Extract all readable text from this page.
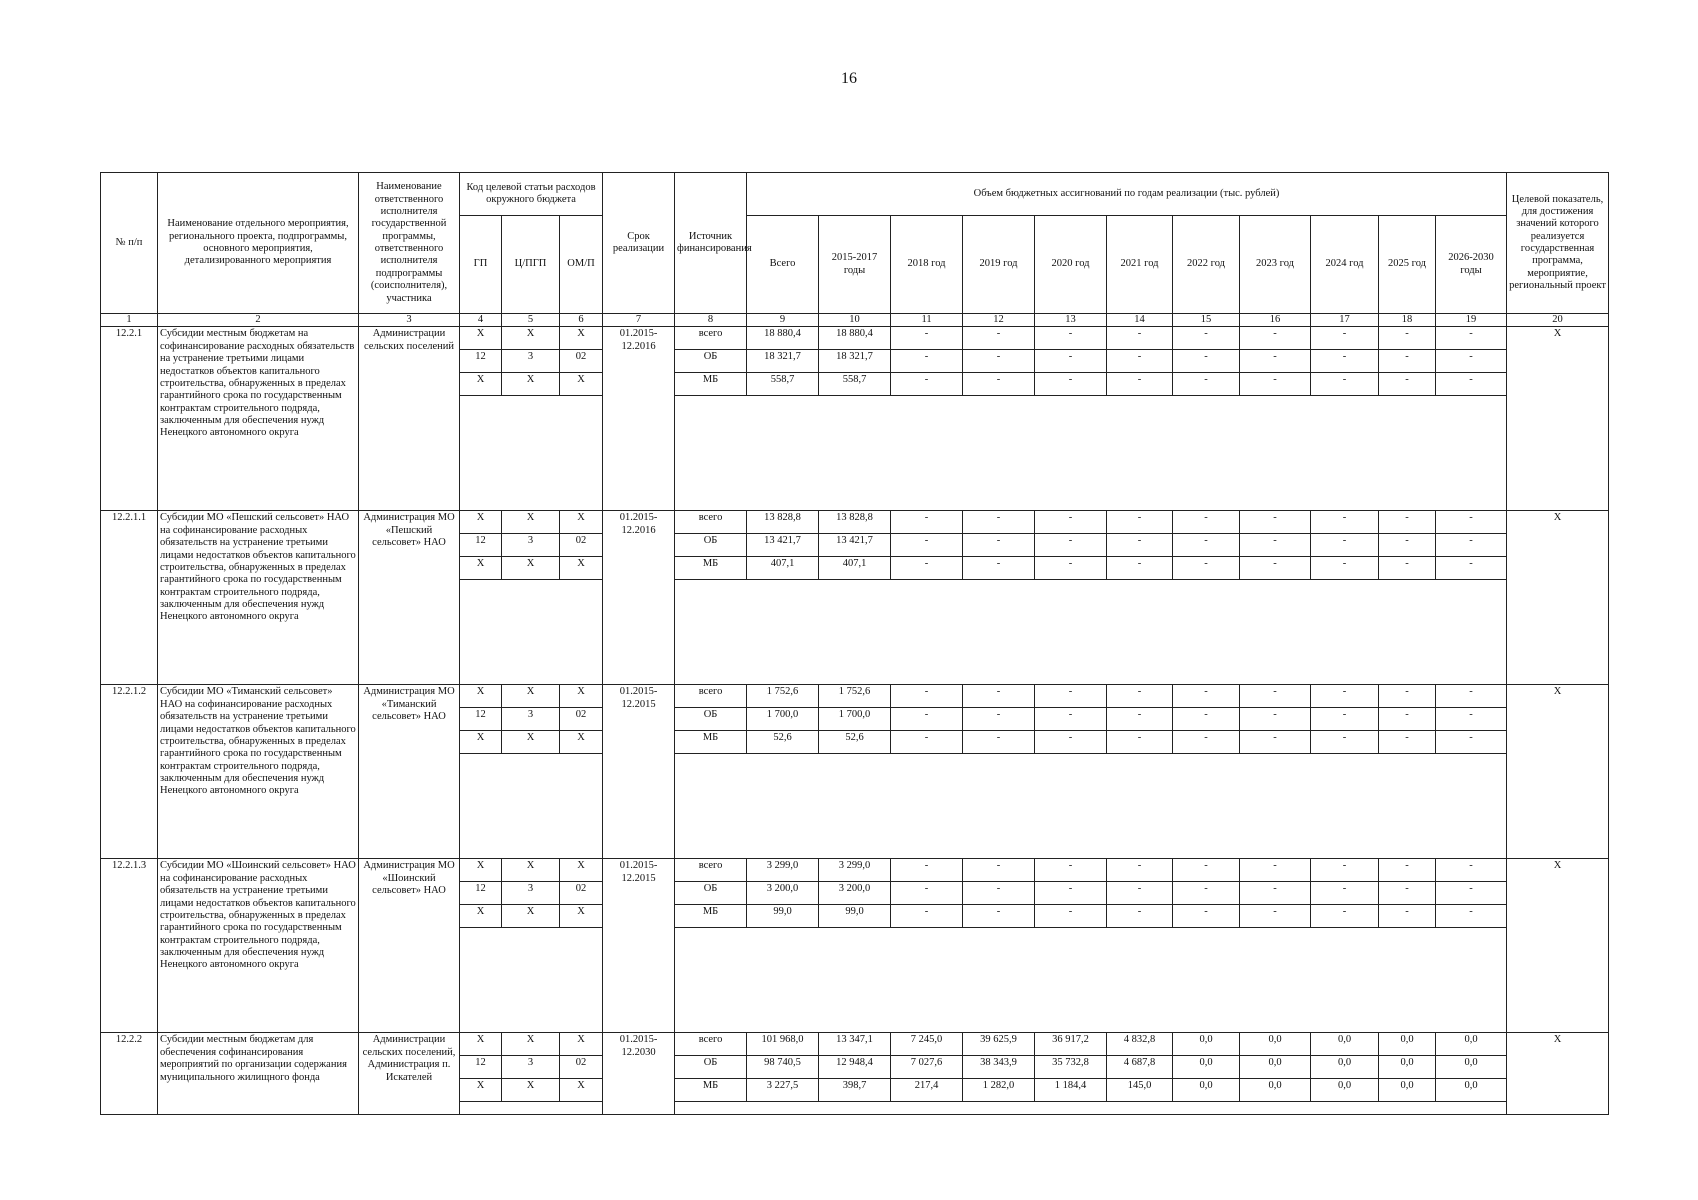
16
№ п/п	Наименование отдельного мероприятия, регионального проекта, подпрограммы, основного мероприятия, детализированного мероприятия	Наименование ответственного исполнителя государственной программы, ответственного исполнителя подпрограммы (соисполнителя), участника	Код целевой статьи расходов окружного бюджета			Срок реализации	Источник финансирования	Объем бюджетных ассигнований по годам реализации (тыс. рублей)											Целевой показатель, для достижения значений которого реализуется государственная программа, мероприятие, региональный проект
			ГП	Ц/ПГП	ОМ/П			Всего	2015-2017 годы	2018 год	2019 год	2020 год	2021 год	2022 год	2023 год	2024 год	2025 год	2026-2030 годы	
1	2	3	4	5	6	7	8	9	10	11	12	13	14	15	16	17	18	19	20
12.2.1	Субсидии местным бюджетам на софинансирование расходных обязательств на устранение третьими лицами недостатков объектов капитального строительства, обнаруженных в пределах гарантийного срока по государственным контрактам строительного подряда, заключенным для обеспечения нужд Ненецкого автономного округа	Администрации сельских поселений	X	X	X	01.2015-12.2016	всего	18 880,4	18 880,4	-	-	-	-	-	-	-	-	-	X
			12	3	02		ОБ	18 321,7	18 321,7	-	-	-	-	-	-	-	-	-	
			X	X	X		МБ	558,7	558,7	-	-	-	-	-	-	-	-	-	

12.2.1.1	Субсидии МО «Пешский сельсовет» НАО на софинансирование расходных обязательств на устранение третьими лицами недостатков объектов капитального строительства, обнаруженных в пределах гарантийного срока по государственным контрактам строительного подряда, заключенным для обеспечения нужд Ненецкого автономного округа	Администрация МО «Пешский сельсовет» НАО	X	X	X	01.2015-12.2016	всего	13 828,8	13 828,8	-	-	-	-	-	-	-	-	-	X
			12	3	02		ОБ	13 421,7	13 421,7	-	-	-	-	-	-	-	-	-	
			X	X	X		МБ	407,1	407,1	-	-	-	-	-	-	-	-	-	

12.2.1.2	Субсидии МО «Тиманский сельсовет» НАО на софинансирование расходных обязательств на устранение третьими лицами недостатков объектов капитального строительства, обнаруженных в пределах гарантийного срока по государственным контрактам строительного подряда, заключенным для обеспечения нужд Ненецкого автономного округа	Администрация МО «Тиманский сельсовет» НАО	X	X	X	01.2015-12.2015	всего	1 752,6	1 752,6	-	-	-	-	-	-	-	-	-	X
			12	3	02		ОБ	1 700,0	1 700,0	-	-	-	-	-	-	-	-	-	
			X	X	X		МБ	52,6	52,6	-	-	-	-	-	-	-	-	-	

12.2.1.3	Субсидии МО «Шоинский сельсовет» НАО на софинансирование расходных обязательств на устранение третьими лицами недостатков объектов капитального строительства, обнаруженных в пределах гарантийного срока по государственным контрактам строительного подряда, заключенным для обеспечения нужд Ненецкого автономного округа	Администрация МО «Шоинский сельсовет» НАО	X	X	X	01.2015-12.2015	всего	3 299,0	3 299,0	-	-	-	-	-	-	-	-	-	X
			12	3	02		ОБ	3 200,0	3 200,0	-	-	-	-	-	-	-	-	-	
			X	X	X		МБ	99,0	99,0	-	-	-	-	-	-	-	-	-	

12.2.2	Субсидии местным бюджетам для обеспечения софинансирования мероприятий по организации содержания муниципального жилищного фонда	Администрации сельских поселений, Администрация п. Искателей	X	X	X	01.2015-12.2030	всего	101 968,0	13 347,1	7 245,0	39 625,9	36 917,2	4 832,8	0,0	0,0	0,0	0,0	0,0	X
			12	3	02		ОБ	98 740,5	12 948,4	7 027,6	38 343,9	35 732,8	4 687,8	0,0	0,0	0,0	0,0	0,0	
			X	X	X		МБ	3 227,5	398,7	217,4	1 282,0	1 184,4	145,0	0,0	0,0	0,0	0,0	0,0	
